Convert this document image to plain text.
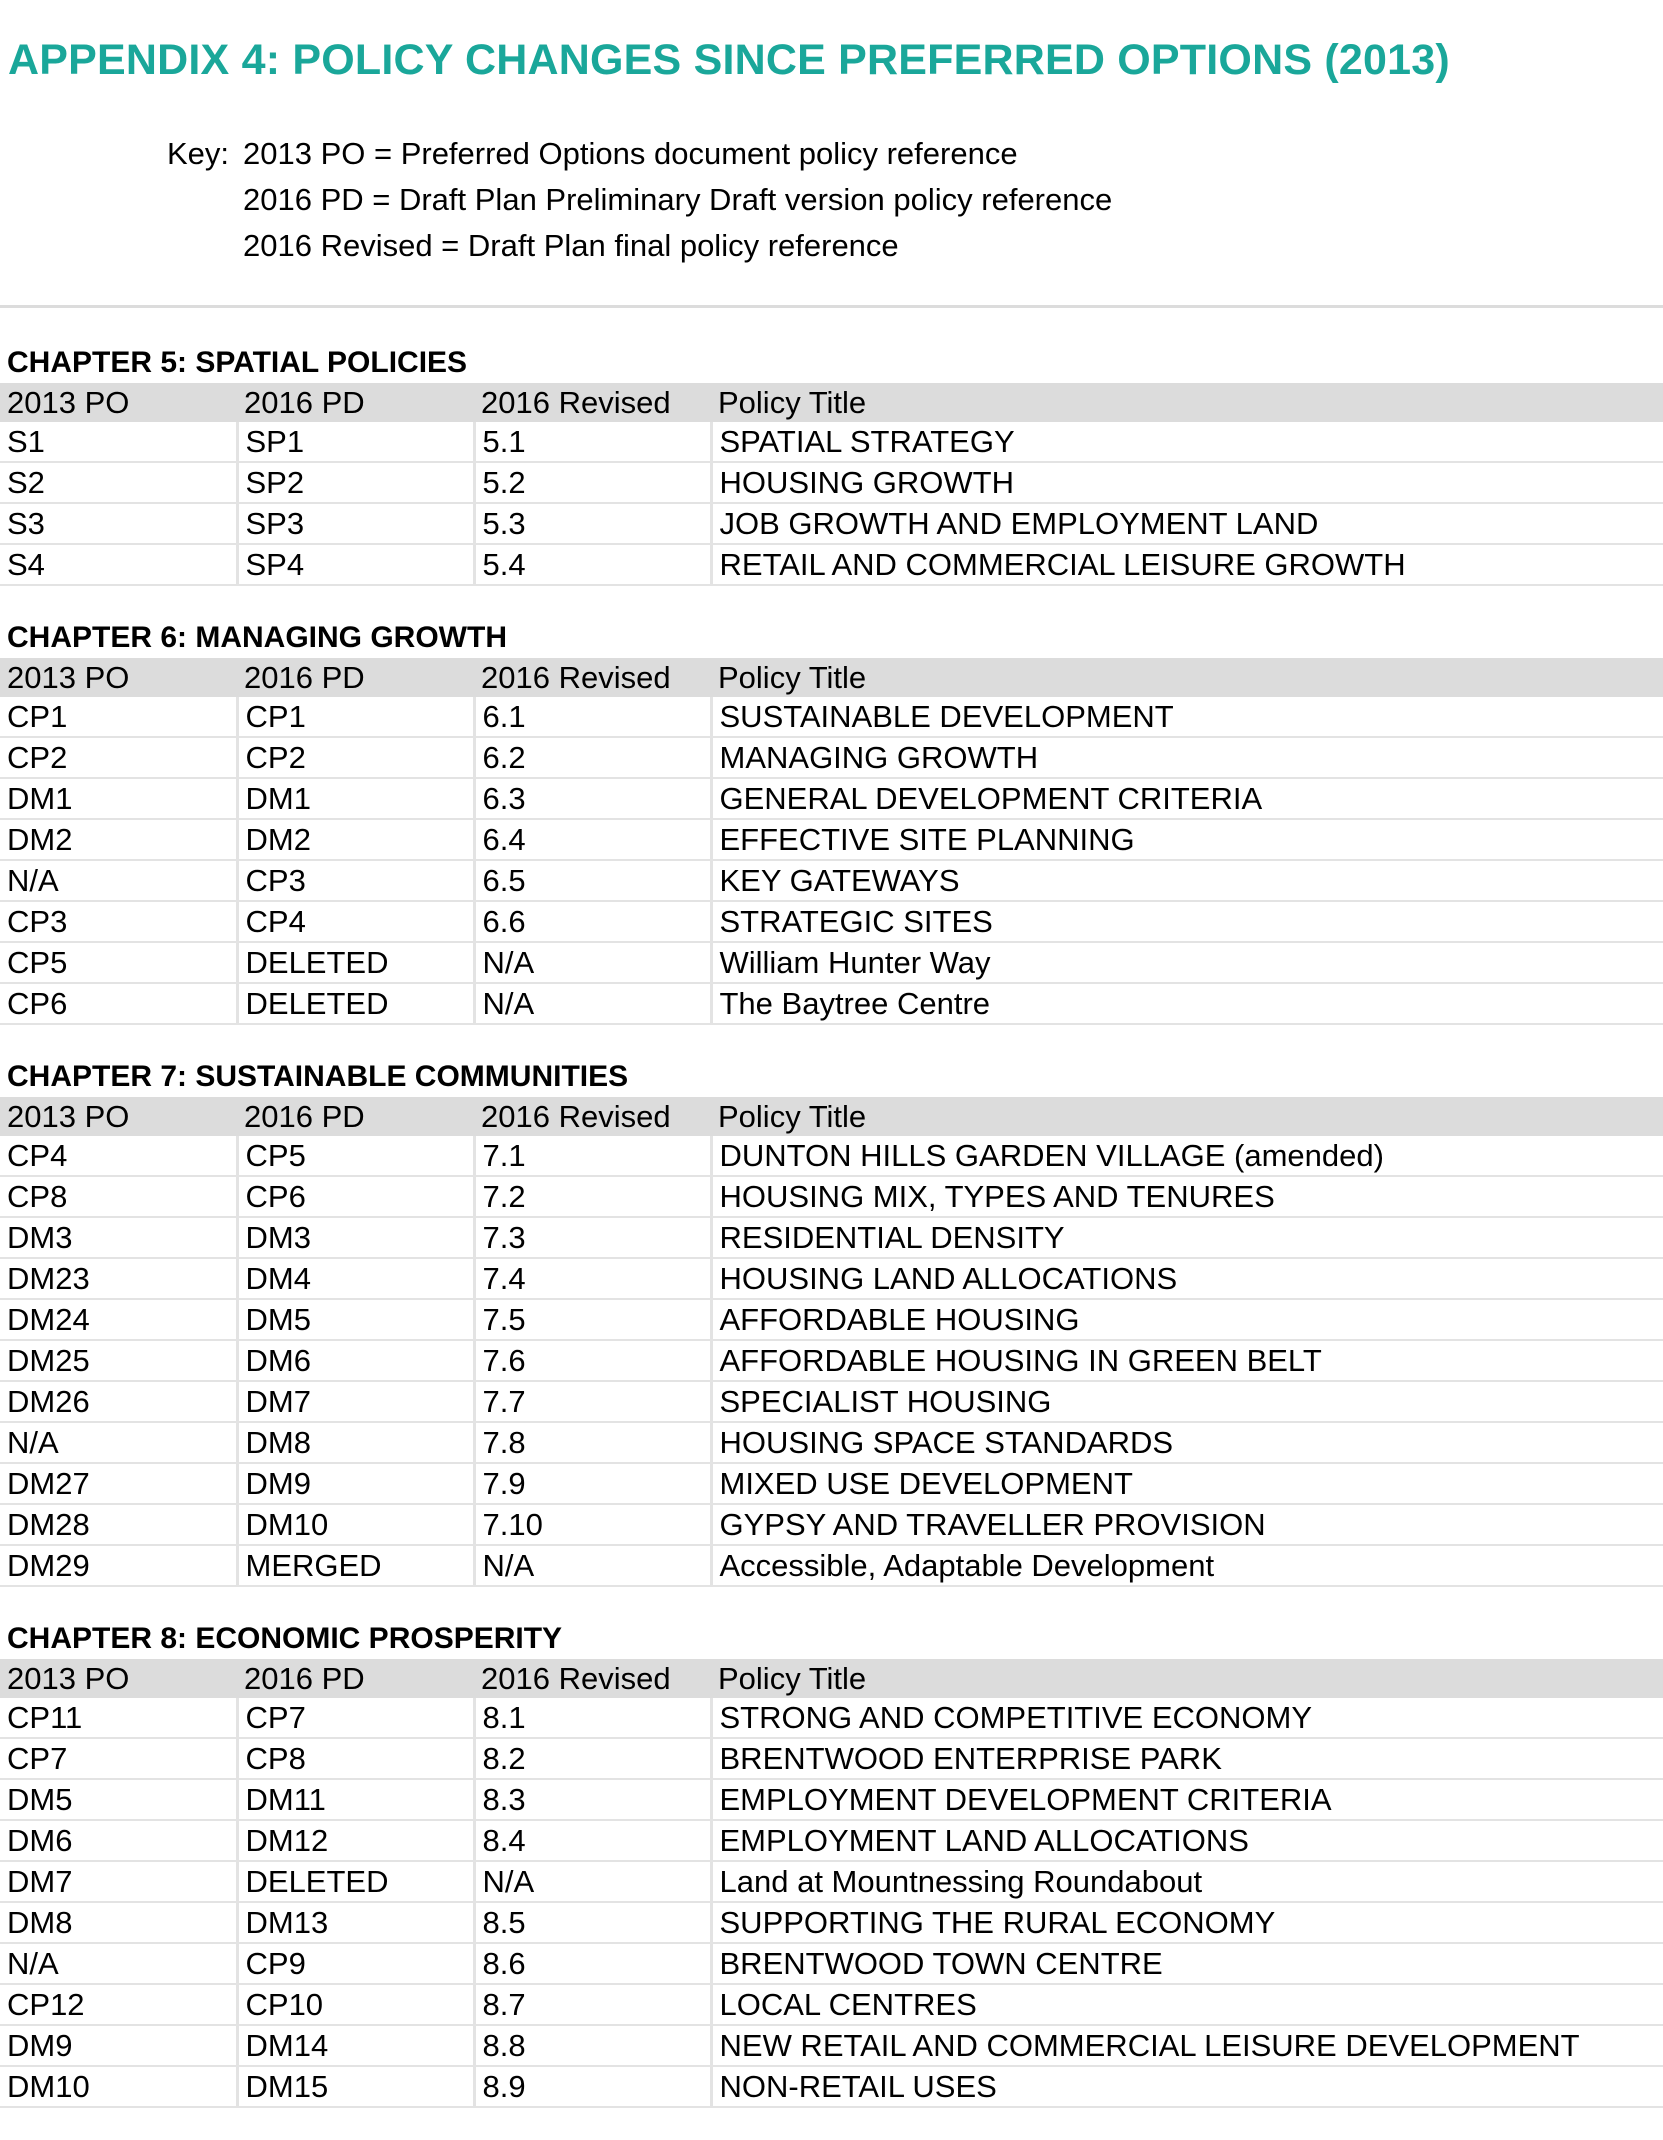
APPENDIX 4: POLICY CHANGES SINCE PREFERRED OPTIONS (2013)
Key: 2013 PO = Preferred Options document policy reference
2016 PD = Draft Plan Preliminary Draft version policy reference
2016 Revised = Draft Plan final policy reference
CHAPTER 5: SPATIAL POLICIES
2013 PO	2016 PD	2016 Revised	Policy Title
S1	SP1	5.1	SPATIAL STRATEGY
S2	SP2	5.2	HOUSING GROWTH
S3	SP3	5.3	JOB GROWTH AND EMPLOYMENT LAND
S4	SP4	5.4	RETAIL AND COMMERCIAL LEISURE GROWTH
CHAPTER 6: MANAGING GROWTH
2013 PO	2016 PD	2016 Revised	Policy Title
CP1	CP1	6.1	SUSTAINABLE DEVELOPMENT
CP2	CP2	6.2	MANAGING GROWTH
DM1	DM1	6.3	GENERAL DEVELOPMENT CRITERIA
DM2	DM2	6.4	EFFECTIVE SITE PLANNING
N/A	CP3	6.5	KEY GATEWAYS
CP3	CP4	6.6	STRATEGIC SITES
CP5	DELETED	N/A	William Hunter Way
CP6	DELETED	N/A	The Baytree Centre
CHAPTER 7: SUSTAINABLE COMMUNITIES
2013 PO	2016 PD	2016 Revised	Policy Title
CP4	CP5	7.1	DUNTON HILLS GARDEN VILLAGE (amended)
CP8	CP6	7.2	HOUSING MIX, TYPES AND TENURES
DM3	DM3	7.3	RESIDENTIAL DENSITY
DM23	DM4	7.4	HOUSING LAND ALLOCATIONS
DM24	DM5	7.5	AFFORDABLE HOUSING
DM25	DM6	7.6	AFFORDABLE HOUSING IN GREEN BELT
DM26	DM7	7.7	SPECIALIST HOUSING
N/A	DM8	7.8	HOUSING SPACE STANDARDS
DM27	DM9	7.9	MIXED USE DEVELOPMENT
DM28	DM10	7.10	GYPSY AND TRAVELLER PROVISION
DM29	MERGED	N/A	Accessible, Adaptable Development
CHAPTER 8: ECONOMIC PROSPERITY
2013 PO	2016 PD	2016 Revised	Policy Title
CP11	CP7	8.1	STRONG AND COMPETITIVE ECONOMY
CP7	CP8	8.2	BRENTWOOD ENTERPRISE PARK
DM5	DM11	8.3	EMPLOYMENT DEVELOPMENT CRITERIA
DM6	DM12	8.4	EMPLOYMENT LAND ALLOCATIONS
DM7	DELETED	N/A	Land at Mountnessing Roundabout
DM8	DM13	8.5	SUPPORTING THE RURAL ECONOMY
N/A	CP9	8.6	BRENTWOOD TOWN CENTRE
CP12	CP10	8.7	LOCAL CENTRES
DM9	DM14	8.8	NEW RETAIL AND COMMERCIAL LEISURE DEVELOPMENT
DM10	DM15	8.9	NON-RETAIL USES
